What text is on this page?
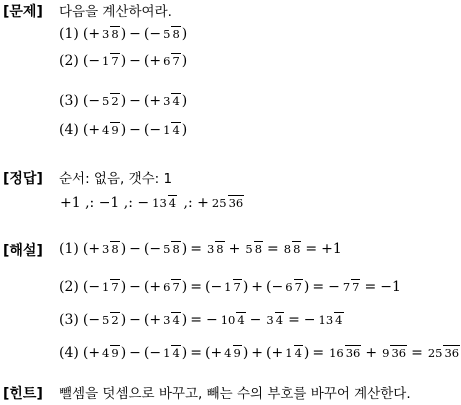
[문제] 다음을 계산하여라.
(1) ( + 3 8 ) − ( − 5 8 )
(2) ( − 1 7 ) − ( + 6 7 )
(3) ( − 5 2 ) − ( + 3 4 )
(4) ( + 4 9 ) − ( − 1 4 )
[정답] 순서: 없음, 갯수: 1
+1 ,: −1 ,: − 13 4 ,: + 25 36
[해설] (1) ( + 3 8 ) − ( − 5 8 ) = 3 8 + 5 8 = 8 8 = +1
(2) ( − 1 7 ) − ( + 6 7 ) = ( − 1 7 ) + ( − 6 7 ) = − 7 7 = −1
(3) ( − 5 2 ) − ( + 3 4 ) = − 10 4 − 3 4 = − 13 4
(4) ( + 4 9 ) − ( − 1 4 ) = ( + 4 9 ) + ( + 1 4 ) = 16 36 + 9 36 = 25 36
[힌트] 뺄셈을 덧셈으로 바꾸고, 빼는 수의 부호를 바꾸어 계산한다.
